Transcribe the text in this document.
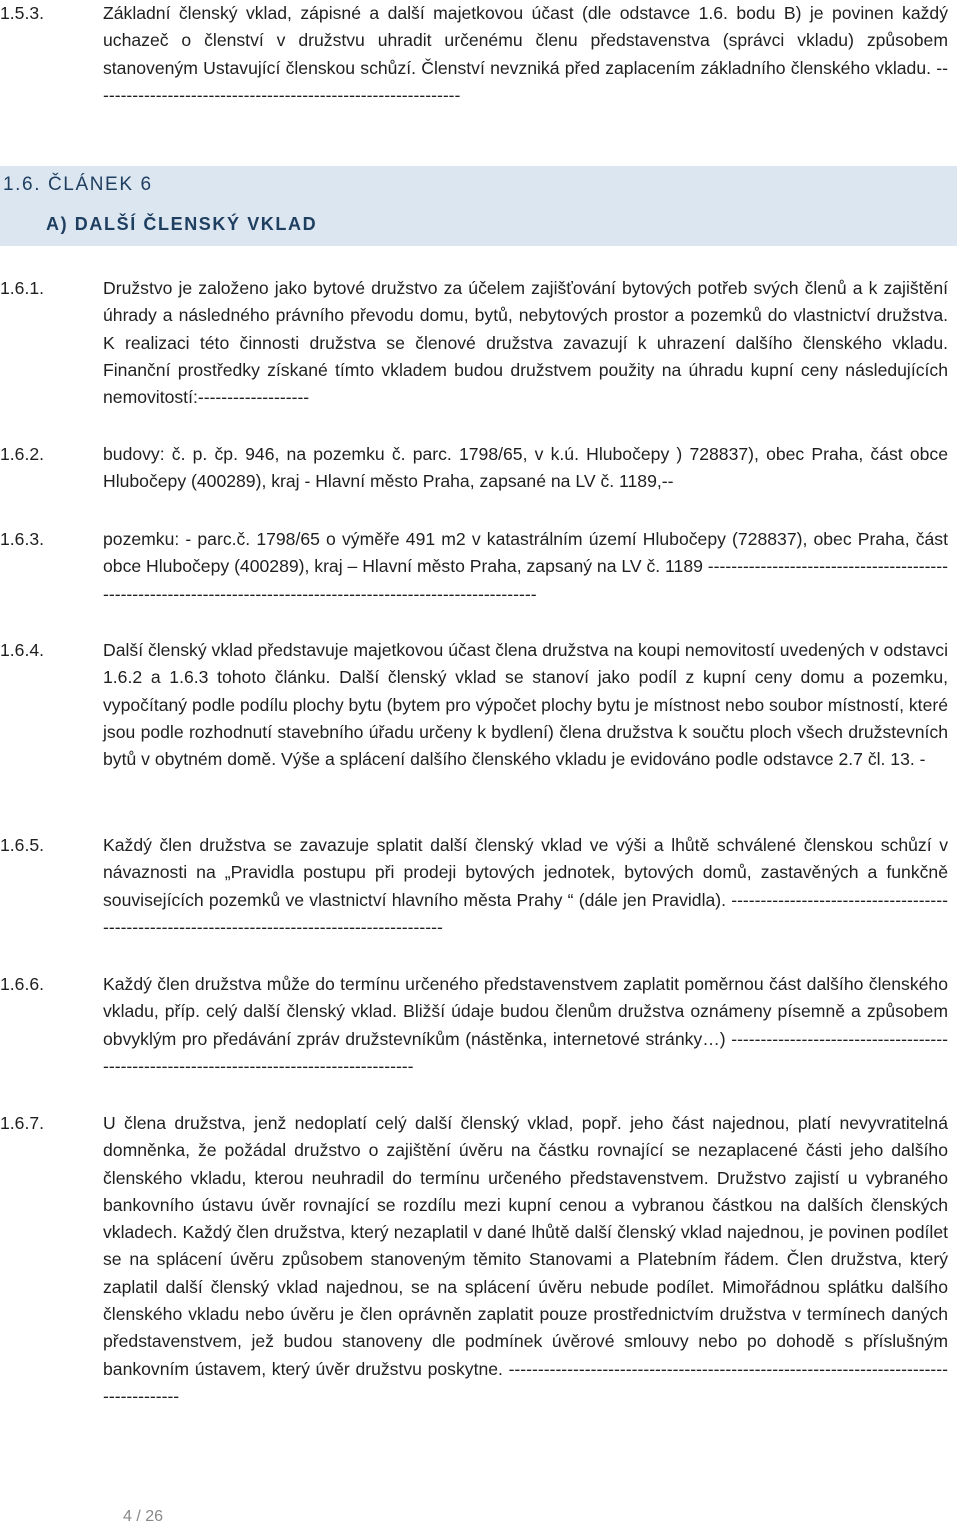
1.5.3.	Základní členský vklad, zápisné a další majetkovou účast (dle odstavce 1.6. bodu B) je povinen každý uchazeč o členství v družstvu uhradit určenému členu představenstva (správci vkladu) způsobem stanoveným Ustavující členskou schůzí. Členství nevzniká před zaplacením základního členského vkladu. ---------------------------------------------------------------
1.6. ČLÁNEK 6
A) DALŠÍ ČLENSKÝ VKLAD
1.6.1.	Družstvo je založeno jako bytové družstvo za účelem zajišťování bytových potřeb svých členů a k zajištění úhrady a následného právního převodu domu, bytů, nebytových prostor a pozemků do vlastnictví družstva. K realizaci této činnosti družstva se členové družstva zavazují k uhrazení dalšího členského vkladu. Finanční prostředky získané tímto vkladem budou družstvem použity na úhradu kupní ceny následujících nemovitostí:-------------------
1.6.2.	budovy: č. p. čp. 946, na pozemku č. parc. 1798/65, v k.ú. Hlubočepy ) 728837), obec Praha, část obce Hlubočepy (400289), kraj - Hlavní město Praha, zapsané na LV č. 1189,--
1.6.3.	pozemku: - parc.č. 1798/65 o výměře 491 m2 v katastrálním území Hlubočepy (728837), obec Praha, část obce Hlubočepy (400289), kraj – Hlavní město Praha, zapsaný na LV č. 1189 -------------------------------------------------------------------------------------------------------------------
1.6.4.	Další členský vklad představuje majetkovou účast člena družstva na koupi nemovitostí uvedených v odstavci 1.6.2 a 1.6.3 tohoto článku. Další členský vklad se stanoví jako podíl z kupní ceny domu a pozemku, vypočítaný podle podílu plochy bytu (bytem pro výpočet plochy bytu je místnost nebo soubor místností, které jsou podle rozhodnutí stavebního úřadu určeny k bydlení) člena družstva k součtu ploch všech družstevních bytů v obytném domě. Výše a splácení dalšího členského vkladu je evidováno podle odstavce 2.7 čl. 13. -
1.6.5.	Každý člen družstva se zavazuje splatit další členský vklad ve výši a lhůtě schválené členskou schůzí v návaznosti na „Pravidla postupu při prodeji bytových jednotek, bytových domů, zastavěných a funkčně souvisejících pozemků ve vlastnictví hlavního města Prahy “ (dále jen Pravidla). -----------------------------------------------------------------------------------------------
1.6.6.	Každý člen družstva může do termínu určeného představenstvem zaplatit poměrnou část dalšího členského vkladu, příp. celý další členský vklad. Bližší údaje budou členům družstva oznámeny písemně a způsobem obvyklým pro předávání zpráv družstevníkům (nástěnka, internetové stránky…) ------------------------------------------------------------------------------------------
1.6.7.	U člena družstva, jenž nedoplatí celý další členský vklad, popř. jeho část najednou, platí nevyvratitelná domněnka, že požádal družstvo o zajištění úvěru na částku rovnající se nezaplacené části jeho dalšího členského vkladu, kterou neuhradil do termínu určeného představenstvem. Družstvo zajistí u vybraného bankovního ústavu úvěr rovnající se rozdílu mezi kupní cenou a vybranou částkou na dalších členských vkladech. Každý člen družstva, který nezaplatil v dané lhůtě další členský vklad najednou, je povinen podílet se na splácení úvěru způsobem stanoveným těmito Stanovami a Platebním řádem. Člen družstva, který zaplatil další členský vklad najednou, se na splácení úvěru nebude podílet. Mimořádnou splátku dalšího členského vkladu nebo úvěru je člen oprávněn zaplatit pouze prostřednictvím družstva v termínech daných představenstvem, jež budou stanoveny dle podmínek úvěrové smlouvy nebo po dohodě s příslušným bankovním ústavem, který úvěr družstvu poskytne. ----------------------------------------------------------------------------------------
4 / 26
